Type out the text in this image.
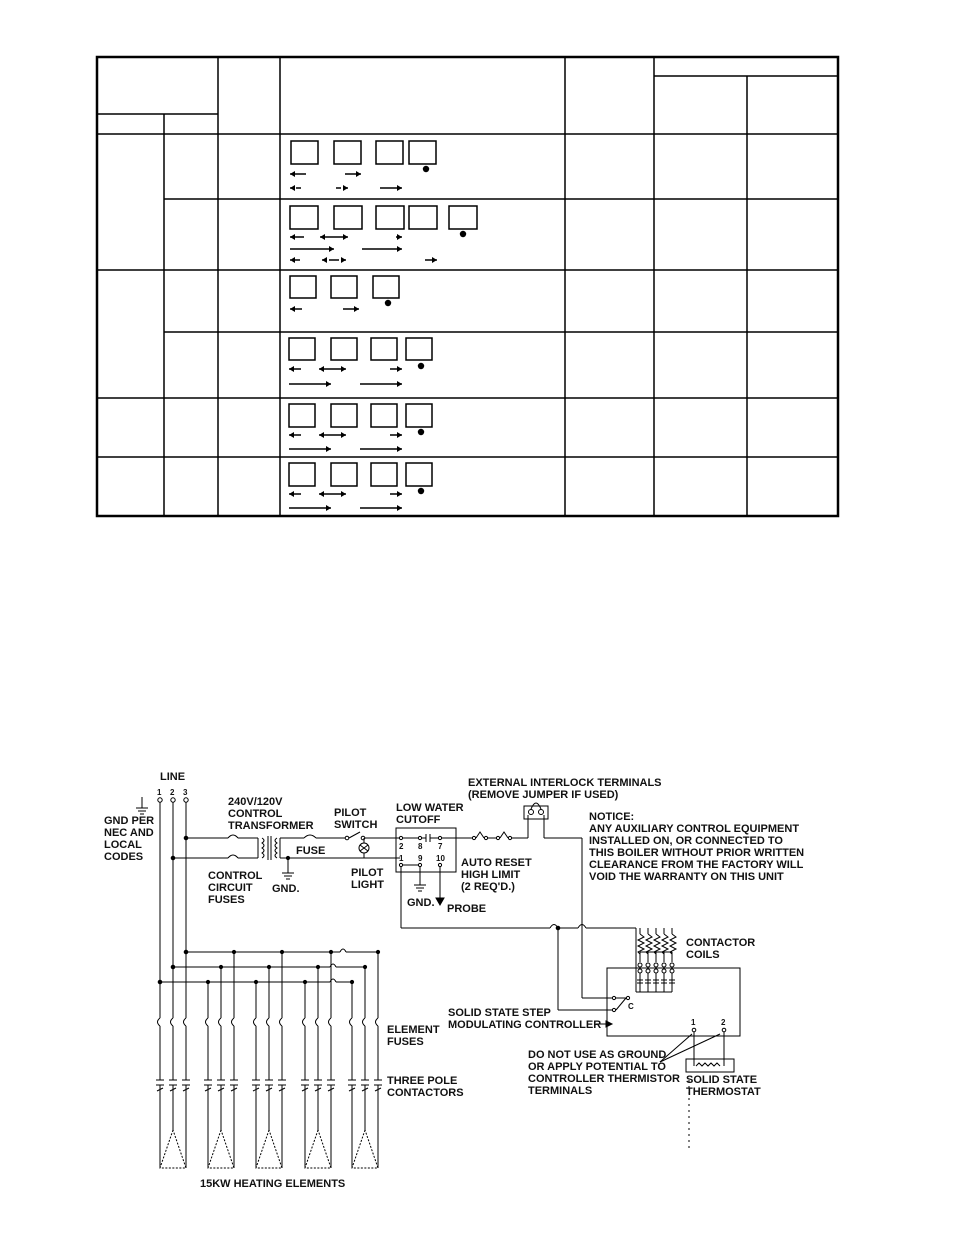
LINE
1 2 3
GND PER
NEC AND
LOCAL
CODES
240V/120V
CONTROL
TRANSFORMER
FUSE
PILOT
SWITCH
PILOT
LIGHT
LOW WATER
CUTOFF
2 8 7
1 9 10
CONTROL
CIRCUIT
FUSES
GND.
GND. PROBE
AUTO RESET
HIGH LIMIT
(2 REQ'D.)
EXTERNAL INTERLOCK TERMINALS
(REMOVE JUMPER IF USED)
NOTICE:
ANY AUXILIARY CONTROL EQUIPMENT
INSTALLED ON, OR CONNECTED TO
THIS BOILER WITHOUT PRIOR WRITTEN
CLEARANCE FROM THE FACTORY WILL
VOID THE WARRANTY ON THIS UNIT
CONTACTOR
COILS
SOLID STATE STEP
MODULATING CONTROLLER
C
1	2
DO NOT USE AS GROUND
OR APPLY POTENTIAL TO
CONTROLLER THERMISTOR
TERMINALS
SOLID STATE
THERMOSTAT
ELEMENT
FUSES
THREE POLE
CONTACTORS
15KW HEATING ELEMENTS
